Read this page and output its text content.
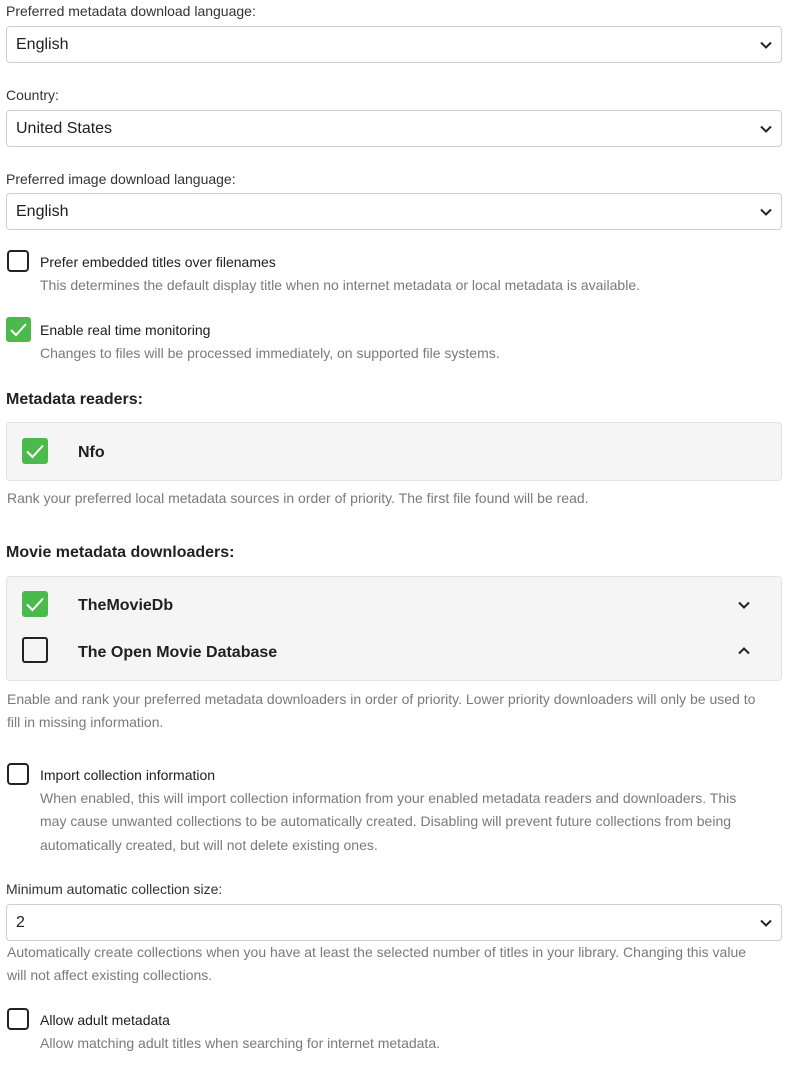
Preferred metadata download language:
English
Country:
United States
Preferred image download language:
English
Prefer embedded titles over filenames
This determines the default display title when no internet metadata or local metadata is available.
Enable real time monitoring
Changes to files will be processed immediately, on supported file systems.
Metadata readers:
Nfo
Rank your preferred local metadata sources in order of priority. The first file found will be read.
Movie metadata downloaders:
TheMovieDb
The Open Movie Database
Enable and rank your preferred metadata downloaders in order of priority. Lower priority downloaders will only be used to
fill in missing information.
Import collection information
When enabled, this will import collection information from your enabled metadata readers and downloaders. This
may cause unwanted collections to be automatically created. Disabling will prevent future collections from being
automatically created, but will not delete existing ones.
Minimum automatic collection size:
2
Automatically create collections when you have at least the selected number of titles in your library. Changing this value
will not affect existing collections.
Allow adult metadata
Allow matching adult titles when searching for internet metadata.
